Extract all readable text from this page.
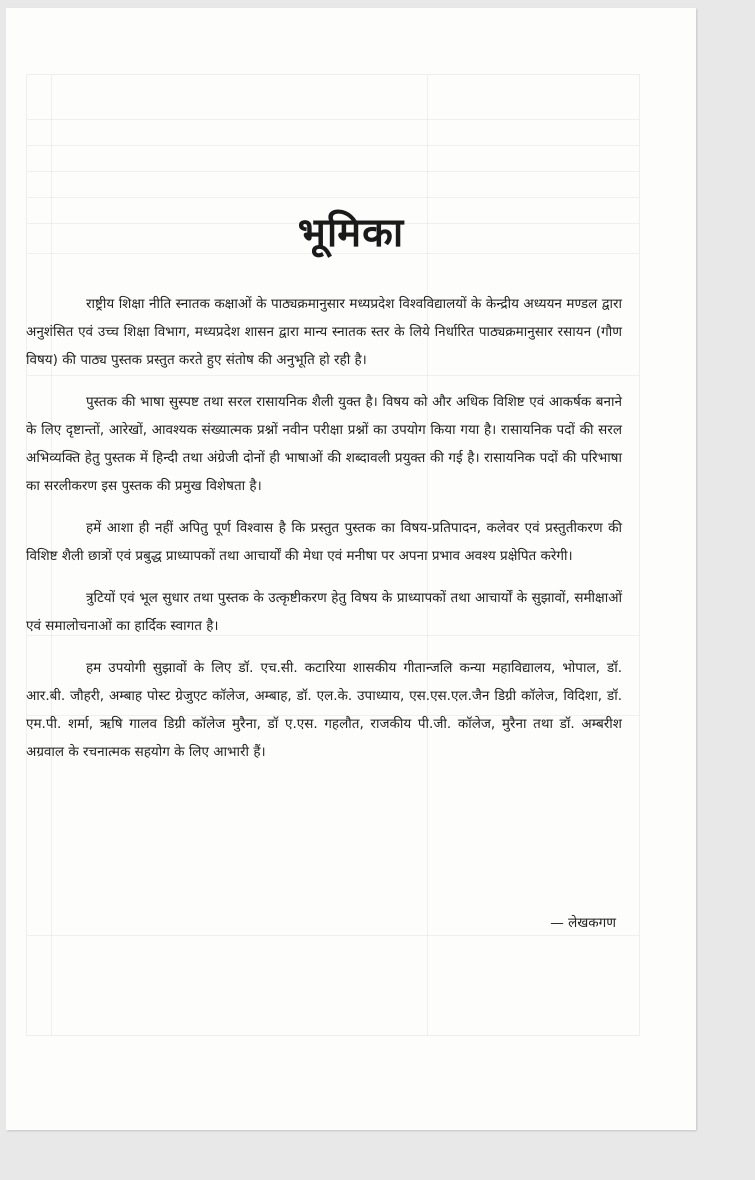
भूमिका

राष्ट्रीय शिक्षा नीति स्नातक कक्षाओं के पाठ्यक्रमानुसार मध्यप्रदेश विश्वविद्यालयों के केन्द्रीय अध्ययन मण्डल द्वारा अनुशंसित एवं उच्च शिक्षा विभाग, मध्यप्रदेश शासन द्वारा मान्य स्नातक स्तर के लिये निर्धारित पाठ्यक्रमानुसार रसायन (गौण विषय) की पाठ्य पुस्तक प्रस्तुत करते हुए संतोष की अनुभूति हो रही है।

पुस्तक की भाषा सुस्पष्ट तथा सरल रासायनिक शैली युक्त है। विषय को और अधिक विशिष्ट एवं आकर्षक बनाने के लिए दृष्टान्तों, आरेखों, आवश्यक संख्यात्मक प्रश्नों नवीन परीक्षा प्रश्नों का उपयोग किया गया है। रासायनिक पदों की सरल अभिव्यक्ति हेतु पुस्तक में हिन्दी तथा अंग्रेजी दोनों ही भाषाओं की शब्दावली प्रयुक्त की गई है। रासायनिक पदों की परिभाषा का सरलीकरण इस पुस्तक की प्रमुख विशेषता है।

हमें आशा ही नहीं अपितु पूर्ण विश्वास है कि प्रस्तुत पुस्तक का विषय-प्रतिपादन, कलेवर एवं प्रस्तुतीकरण की विशिष्ट शैली छात्रों एवं प्रबुद्ध प्राध्यापकों तथा आचार्यों की मेधा एवं मनीषा पर अपना प्रभाव अवश्य प्रक्षेपित करेगी।

त्रुटियों एवं भूल सुधार तथा पुस्तक के उत्कृष्टीकरण हेतु विषय के प्राध्यापकों तथा आचार्यों के सुझावों, समीक्षाओं एवं समालोचनाओं का हार्दिक स्वागत है।

हम उपयोगी सुझावों के लिए डॉ. एच.सी. कटारिया शासकीय गीतान्जलि कन्या महाविद्यालय, भोपाल, डॉ. आर.बी. जौहरी, अम्बाह पोस्ट ग्रेजुएट कॉलेज, अम्बाह, डॉ. एल.के. उपाध्याय, एस.एस.एल.जैन डिग्री कॉलेज, विदिशा, डॉ. एम.पी. शर्मा, ऋषि गालव डिग्री कॉलेज मुरैना, डॉ ए.एस. गहलौत, राजकीय पी.जी. कॉलेज, मुरैना तथा डॉ. अम्बरीश अग्रवाल के रचनात्मक सहयोग के लिए आभारी हैं।

— लेखकगण
